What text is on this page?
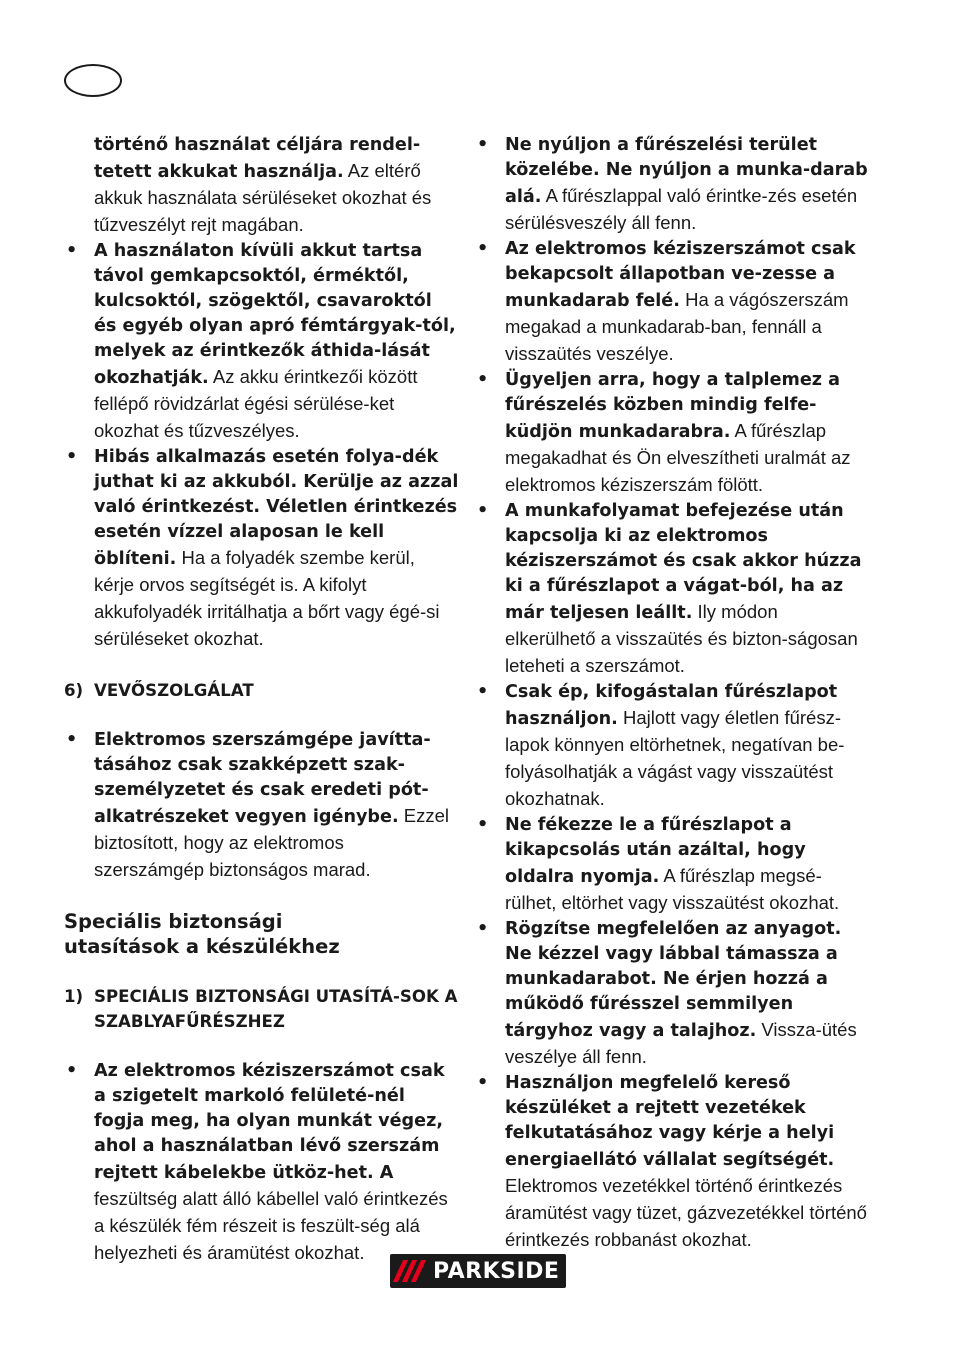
történő használat céljára rendel-tetett akkukat használja. Az eltérő akkuk használata sérüléseket okozhat és tűzveszélyt rejt magában.

• A használaton kívüli akkut tartsa távol gemkapcsoktól, érméktől, kulcsoktól, szögektől, csavaroktól és egyéb olyan apró fémtárgyak-tól, melyek az érintkezők áthida-lását okozhatják. Az akku érintkezői között fellépő rövidzárlat égési sérülése-ket okozhat és tűzveszélyes.

• Hibás alkalmazás esetén folya-dék juthat ki az akkuból. Kerülje az azzal való érintkezést. Véletlen érintkezés esetén vízzel alaposan le kell öblíteni. Ha a folyadék szembe kerül, kérje orvos segítségét is. A kifolyt akkufolyadék irritálhatja a bőrt vagy égé-si sérüléseket okozhat.

6) VEVŐSZOLGÁLAT

• Elektromos szerszámgépe javítta-tásához csak szakképzett szak-személyzetet és csak eredeti pót-alkatrészeket vegyen igénybe. Ezzel biztosított, hogy az elektromos szerszámgép biztonságos marad.

Speciális biztonsági
utasítások a készülékhez

1) SPECIÁLIS BIZTONSÁGI UTASÍTÁ-SOK A SZABLYAFŰRÉSZHEZ

• Az elektromos kéziszerszámot csak a szigetelt markoló felületé-nél fogja meg, ha olyan munkát végez, ahol a használatban lévő szerszám rejtett kábelekbe ütköz-het. A feszültség alatt álló kábellel való érintkezés a készülék fém részeit is feszült-ség alá helyezheti és áramütést okozhat.

• Ne nyúljon a fűrészelési terület közelébe. Ne nyúljon a munka-darab alá. A fűrészlappal való érintke-zés esetén sérülésveszély áll fenn.

• Az elektromos kéziszerszámot csak bekapcsolt állapotban ve-zesse a munkadarab felé. Ha a vágószerszám megakad a munkadarab-ban, fennáll a visszaütés veszélye.

• Ügyeljen arra, hogy a talplemez a fűrészelés közben mindig felfe-küdjön munkadarabra. A fűrészlap megakadhat és Ön elveszítheti uralmát az elektromos kéziszerszám fölött.

• A munkafolyamat befejezése után kapcsolja ki az elektromos kéziszerszámot és csak akkor húzza ki a fűrészlapot a vágat-ból, ha az már teljesen leállt. Ily módon elkerülhető a visszaütés és bizton-ságosan leteheti a szerszámot.

• Csak ép, kifogástalan fűrészlapot használjon. Hajlott vagy életlen fűrész-lapok könnyen eltörhetnek, negatívan be-folyásolhatják a vágást vagy visszaütést okozhatnak.

• Ne fékezze le a fűrészlapot a kikapcsolás után azáltal, hogy oldalra nyomja. A fűrészlap megsé-rülhet, eltörhet vagy visszaütést okozhat.

• Rögzítse megfelelően az anyagot. Ne kézzel vagy lábbal támassza a munkadarabot. Ne érjen hozzá a működő fűrésszel semmilyen tárgyhoz vagy a talajhoz. Vissza-ütés veszélye áll fenn.

• Használjon megfelelő kereső készüléket a rejtett vezetékek felkutatásához vagy kérje a helyi energiaellátó vállalat segítségét. Elektromos vezetékkel történő érintkezés áramütést vagy tüzet, gázvezetékkel történő érintkezés robbanást okozhat.

PARKSIDE
